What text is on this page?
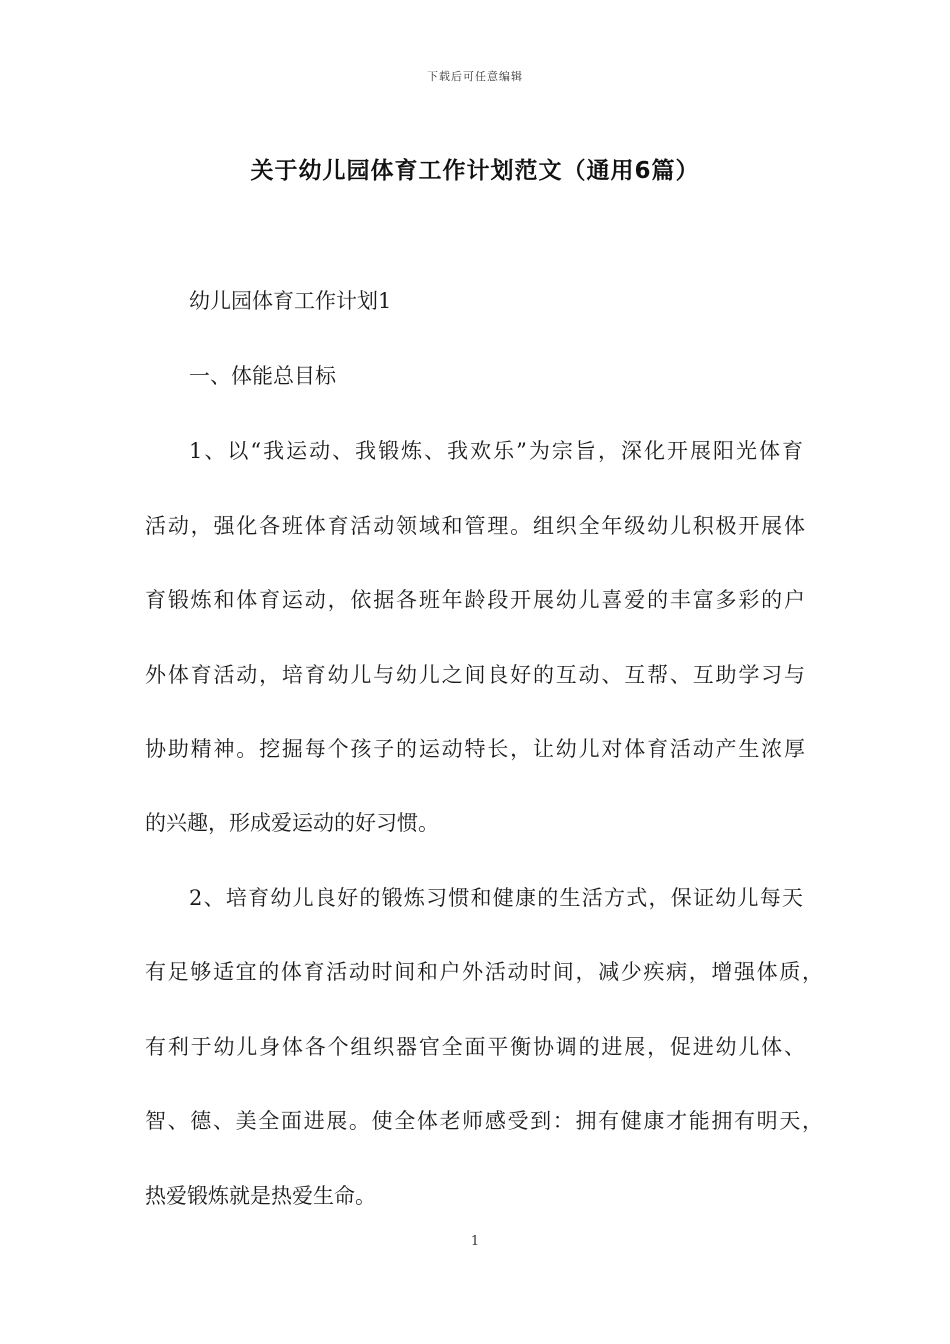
下载后可任意编辑
关于幼儿园体育工作计划范文（通用6篇）
幼儿园体育工作计划1
一、体能总目标
1、以“我运动、我锻炼、我欢乐”为宗旨，深化开展阳光体育
活动，强化各班体育活动领域和管理。组织全年级幼儿积极开展体
育锻炼和体育运动，依据各班年龄段开展幼儿喜爱的丰富多彩的户
外体育活动，培育幼儿与幼儿之间良好的互动、互帮、互助学习与
协助精神。挖掘每个孩子的运动特长，让幼儿对体育活动产生浓厚
的兴趣，形成爱运动的好习惯。
2、培育幼儿良好的锻炼习惯和健康的生活方式，保证幼儿每天
有足够适宜的体育活动时间和户外活动时间，减少疾病，增强体质，
有利于幼儿身体各个组织器官全面平衡协调的进展，促进幼儿体、
智、德、美全面进展。使全体老师感受到：拥有健康才能拥有明天，
热爱锻炼就是热爱生命。
1
